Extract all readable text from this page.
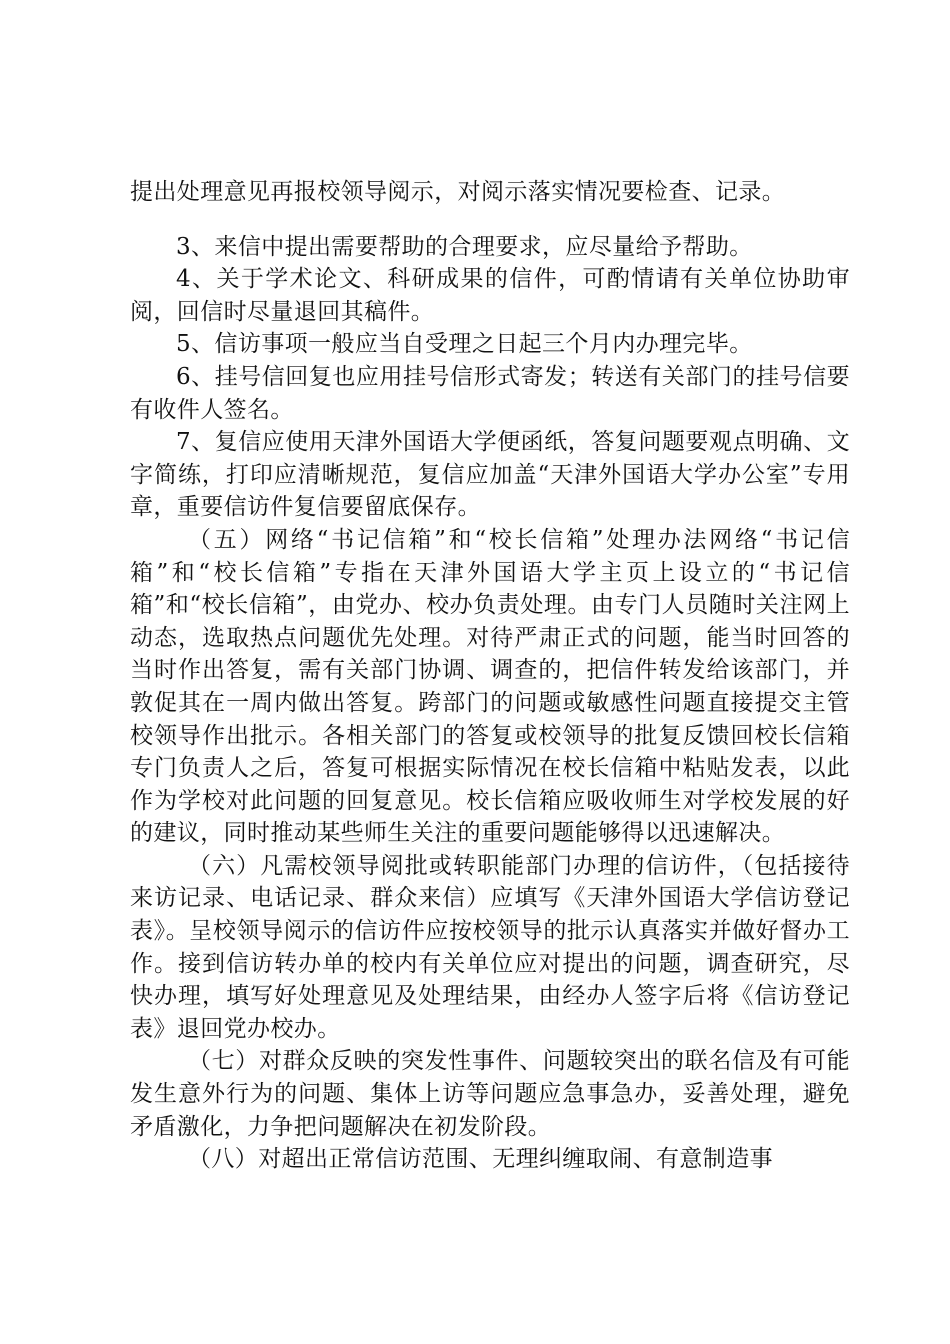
提出处理意见再报校领导阅示，对阅示落实情况要检查、记录。

3、来信中提出需要帮助的合理要求，应尽量给予帮助。

4、关于学术论文、科研成果的信件，可酌情请有关单位协助审阅，回信时尽量退回其稿件。

5、信访事项一般应当自受理之日起三个月内办理完毕。

6、挂号信回复也应用挂号信形式寄发；转送有关部门的挂号信要有收件人签名。

7、复信应使用天津外国语大学便函纸，答复问题要观点明确、文字简练，打印应清晰规范，复信应加盖“天津外国语大学办公室”专用章，重要信访件复信要留底保存。

（五）网络“书记信箱”和“校长信箱”处理办法网络“书记信箱”和“校长信箱”专指在天津外国语大学主页上设立的“书记信箱”和“校长信箱”，由党办、校办负责处理。由专门人员随时关注网上动态，选取热点问题优先处理。对待严肃正式的问题，能当时回答的当时作出答复，需有关部门协调、调查的，把信件转发给该部门，并敦促其在一周内做出答复。跨部门的问题或敏感性问题直接提交主管校领导作出批示。各相关部门的答复或校领导的批复反馈回校长信箱专门负责人之后，答复可根据实际情况在校长信箱中粘贴发表，以此作为学校对此问题的回复意见。校长信箱应吸收师生对学校发展的好的建议，同时推动某些师生关注的重要问题能够得以迅速解决。

（六）凡需校领导阅批或转职能部门办理的信访件，（包括接待来访记录、电话记录、群众来信）应填写《天津外国语大学信访登记表》。呈校领导阅示的信访件应按校领导的批示认真落实并做好督办工作。接到信访转办单的校内有关单位应对提出的问题，调查研究，尽快办理，填写好处理意见及处理结果，由经办人签字后将《信访登记表》退回党办校办。

（七）对群众反映的突发性事件、问题较突出的联名信及有可能发生意外行为的问题、集体上访等问题应急事急办，妥善处理，避免矛盾激化，力争把问题解决在初发阶段。

（八）对超出正常信访范围、无理纠缠取闹、有意制造事
